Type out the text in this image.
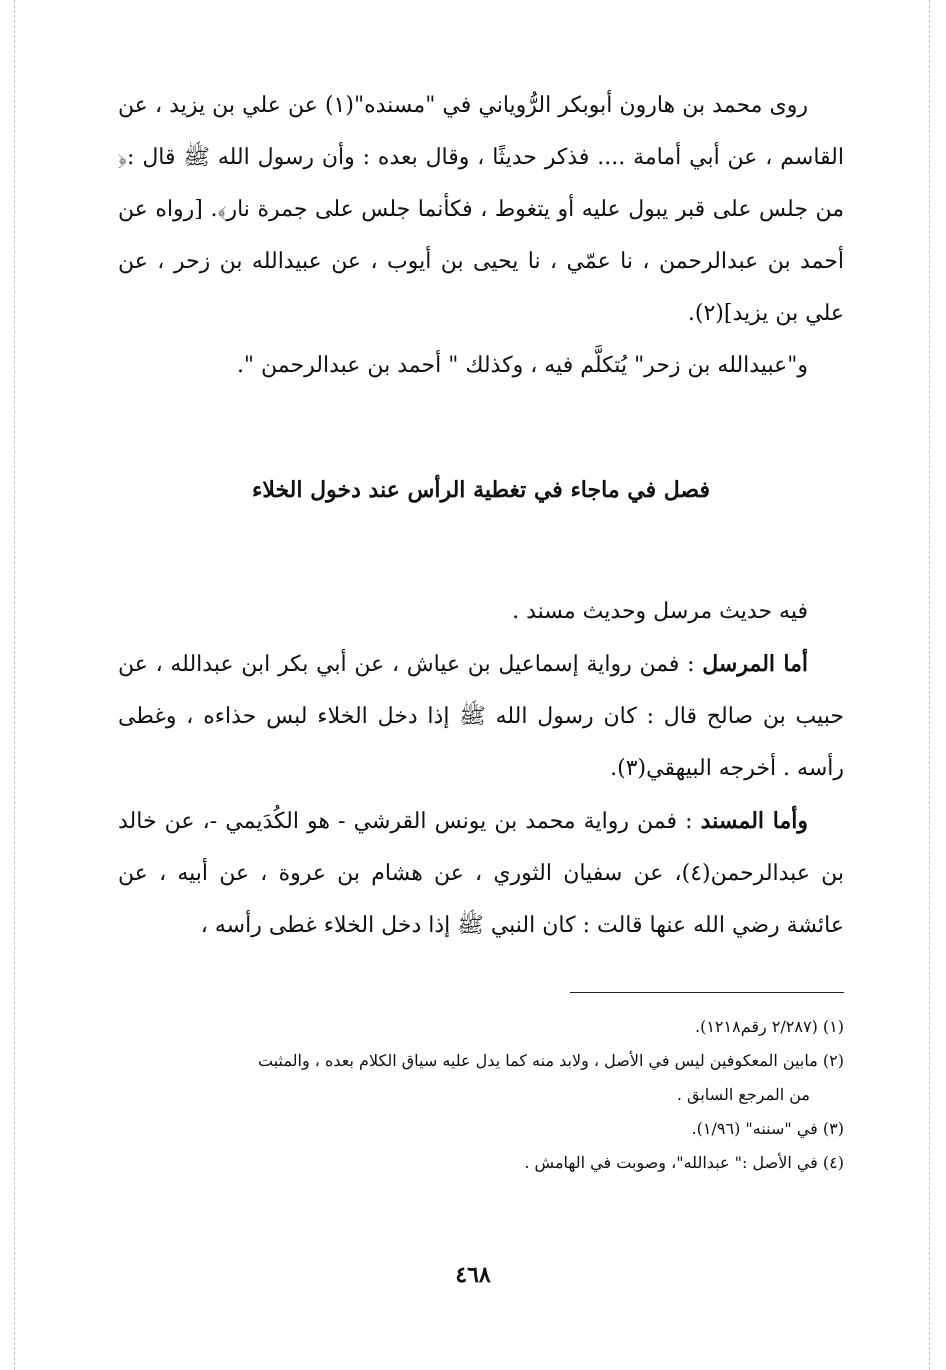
روى محمد بن هارون أبوبكر الرُّوياني في "مسنده"(١) عن علي بن يزيد ، عن القاسم ، عن أبي أمامة .... فذكر حديثًا ، وقال بعده : وأن رسول الله ﷺ قال :﴿ من جلس على قبر يبول عليه أو يتغوط ، فكأنما جلس على جمرة نار﴾. [رواه عن أحمد بن عبدالرحمن ، نا عمّي ، نا يحيى بن أيوب ، عن عبيدالله بن زحر ، عن علي بن يزيد](٢).

و"عبيدالله بن زحر" يُتكلَّم فيه ، وكذلك " أحمد بن عبدالرحمن ".

فصل في ماجاء في تغطية الرأس عند دخول الخلاء

فيه حديث مرسل وحديث مسند .

أما المرسل : فمن رواية إسماعيل بن عياش ، عن أبي بكر ابن عبدالله ، عن حبيب بن صالح قال : كان رسول الله ﷺ إذا دخل الخلاء لبس حذاءه ، وغطى رأسه . أخرجه البيهقي(٣).

وأما المسند : فمن رواية محمد بن يونس القرشي - هو الكُدَيمي -، عن خالد بن عبدالرحمن(٤)، عن سفيان الثوري ، عن هشام بن عروة ، عن أبيه ، عن عائشة رضي الله عنها قالت : كان النبي ﷺ إذا دخل الخلاء غطى رأسه ،

(١) (٢/٢٨٧ رقم١٢١٨).

(٢) مابين المعكوفين ليس في الأصل ، ولابد منه كما يدل عليه سياق الكلام بعده ، والمثبت

من المرجع السابق .

(٣) في "سننه" (١/٩٦).

(٤) في الأصل :" عبدالله"، وصوبت في الهامش .

٤٦٨
